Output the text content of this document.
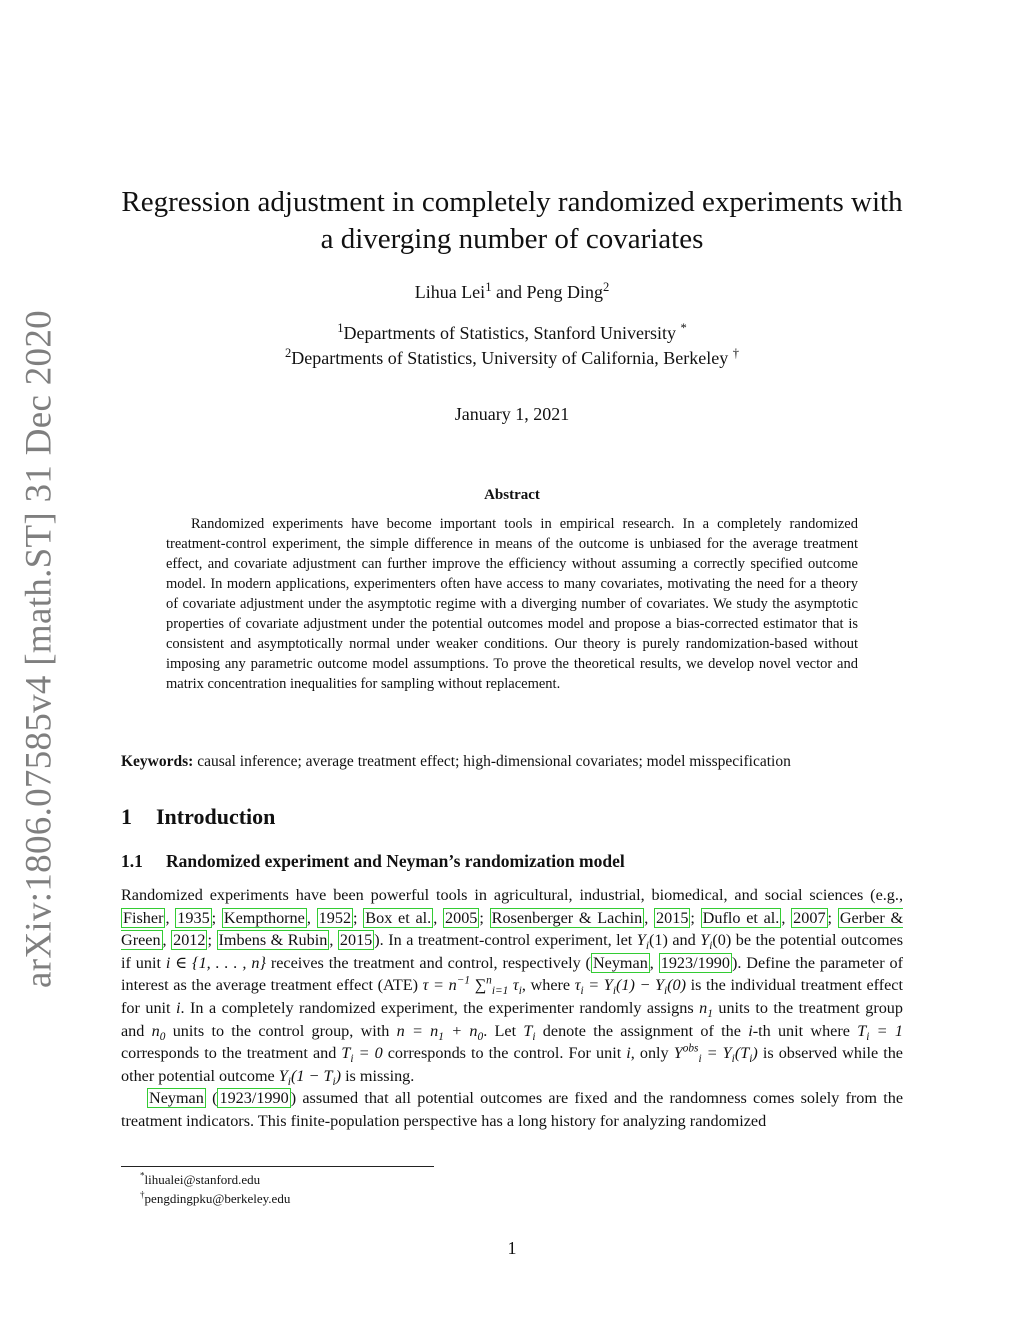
arXiv:1806.07585v4 [math.ST] 31 Dec 2020
Regression adjustment in completely randomized experiments with
a diverging number of covariates
Lihua Lei$^1$ and Peng Ding$^2$
$^1$Departments of Statistics, Stanford University *
$^2$Departments of Statistics, University of California, Berkeley †
January 1, 2021
Abstract
Randomized experiments have become important tools in empirical research. In a completely randomized treatment-control experiment, the simple difference in means of the outcome is unbiased for the average treatment effect, and covariate adjustment can further improve the efficiency without assuming a correctly specified outcome model. In modern applications, experimenters often have access to many covariates, motivating the need for a theory of covariate adjustment under the asymptotic regime with a diverging number of covariates. We study the asymptotic properties of covariate adjustment under the potential outcomes model and propose a bias-corrected estimator that is consistent and asymptotically normal under weaker conditions. Our theory is purely randomization-based without imposing any parametric outcome model assumptions. To prove the theoretical results, we develop novel vector and matrix concentration inequalities for sampling without replacement.
Keywords: causal inference; average treatment effect; high-dimensional covariates; model misspecification
1 Introduction
1.1 Randomized experiment and Neyman’s randomization model

Randomized experiments have been powerful tools in agricultural, industrial, biomedical, and social sciences (e.g., Fisher , 1935 ; Kempthorne , 1952 ; Box et al. , 2005 ; Rosenberger & Lachin , 2015 ; Duflo et al. , 2007 ; Gerber & Green , 2012 ; Imbens & Rubin , 2015 ). In a treatment-control experiment, let $Y_i(1)$ and $Y_i(0)$ be the potential outcomes if unit i ∈ {1, . . . , n} receives the treatment and control, respectively ( Neyman , 1923/1990 ). Define the parameter of interest as the average treatment effect (ATE) $\tau = n^{-1}$ ∑$^n_{i=1}$ $\tau_i$, where $\tau_i = Y_i(1) - Y_i(0)$ is the individual treatment effect for unit i. In a completely randomized experiment, the experimenter randomly assigns $n_1$ units to the treatment group and $n_0$ units to the control group, with $n = n_1 + n_0$. Let $T_i$ denote the assignment of the i-th unit where $T_i = 1$ corresponds to the treatment and $T_i = 0$ corresponds to the control. For unit i, only $Y^{obs}_i = Y_i(T_i)$ is observed while the other potential outcome $Y_i(1 - T_i)$ is missing.

Neyman ( 1923/1990 ) assumed that all potential outcomes are fixed and the randomness comes solely from the treatment indicators. This finite-population perspective has a long history for analyzing randomized

*lihualei@stanford.edu
†pengdingpku@berkeley.edu
1
